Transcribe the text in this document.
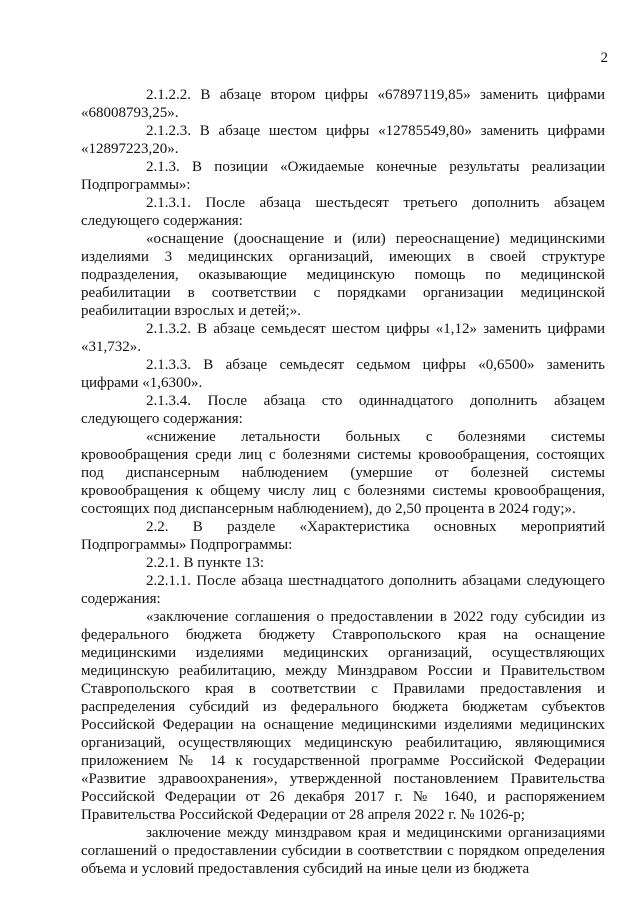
2

2.1.2.2. В абзаце втором цифры «67897119,85» заменить цифрами «68008793,25».

2.1.2.3. В абзаце шестом цифры «12785549,80» заменить цифрами «12897223,20».

2.1.3. В позиции «Ожидаемые конечные результаты реализации Подпрограммы»:

2.1.3.1. После абзаца шестьдесят третьего дополнить абзацем следующего содержания:

«оснащение (дооснащение и (или) переоснащение) медицинскими изделиями 3 медицинских организаций, имеющих в своей структуре подразделения, оказывающие медицинскую помощь по медицинской реабилитации в соответствии с порядками организации медицинской реабилитации взрослых и детей;».

2.1.3.2. В абзаце семьдесят шестом цифры «1,12» заменить цифрами «31,732».

2.1.3.3. В абзаце семьдесят седьмом цифры «0,6500» заменить цифрами «1,6300».

2.1.3.4. После абзаца сто одиннадцатого дополнить абзацем следующего содержания:

«снижение летальности больных с болезнями системы кровообращения среди лиц с болезнями системы кровообращения, состоящих под диспансерным наблюдением (умершие от болезней системы кровообращения к общему числу лиц с болезнями системы кровообращения, состоящих под диспансерным наблюдением), до 2,50 процента в 2024 году;».

2.2. В разделе «Характеристика основных мероприятий Подпрограммы» Подпрограммы:

2.2.1. В пункте 13:

2.2.1.1. После абзаца шестнадцатого дополнить абзацами следующего содержания:

«заключение соглашения о предоставлении в 2022 году субсидии из федерального бюджета бюджету Ставропольского края на оснащение медицинскими изделиями медицинских организаций, осуществляющих медицинскую реабилитацию, между Минздравом России и Правительством Ставропольского края в соответствии с Правилами предоставления и распределения субсидий из федерального бюджета бюджетам субъектов Российской Федерации на оснащение медицинскими изделиями медицинских организаций, осуществляющих медицинскую реабилитацию, являющимися приложением № 14 к государственной программе Российской Федерации «Развитие здравоохранения», утвержденной постановлением Правительства Российской Федерации от 26 декабря 2017 г. № 1640, и распоряжением Правительства Российской Федерации от 28 апреля 2022 г. № 1026-р;

заключение между минздравом края и медицинскими организациями соглашений о предоставлении субсидии в соответствии с порядком определения объема и условий предоставления субсидий на иные цели из бюджета
